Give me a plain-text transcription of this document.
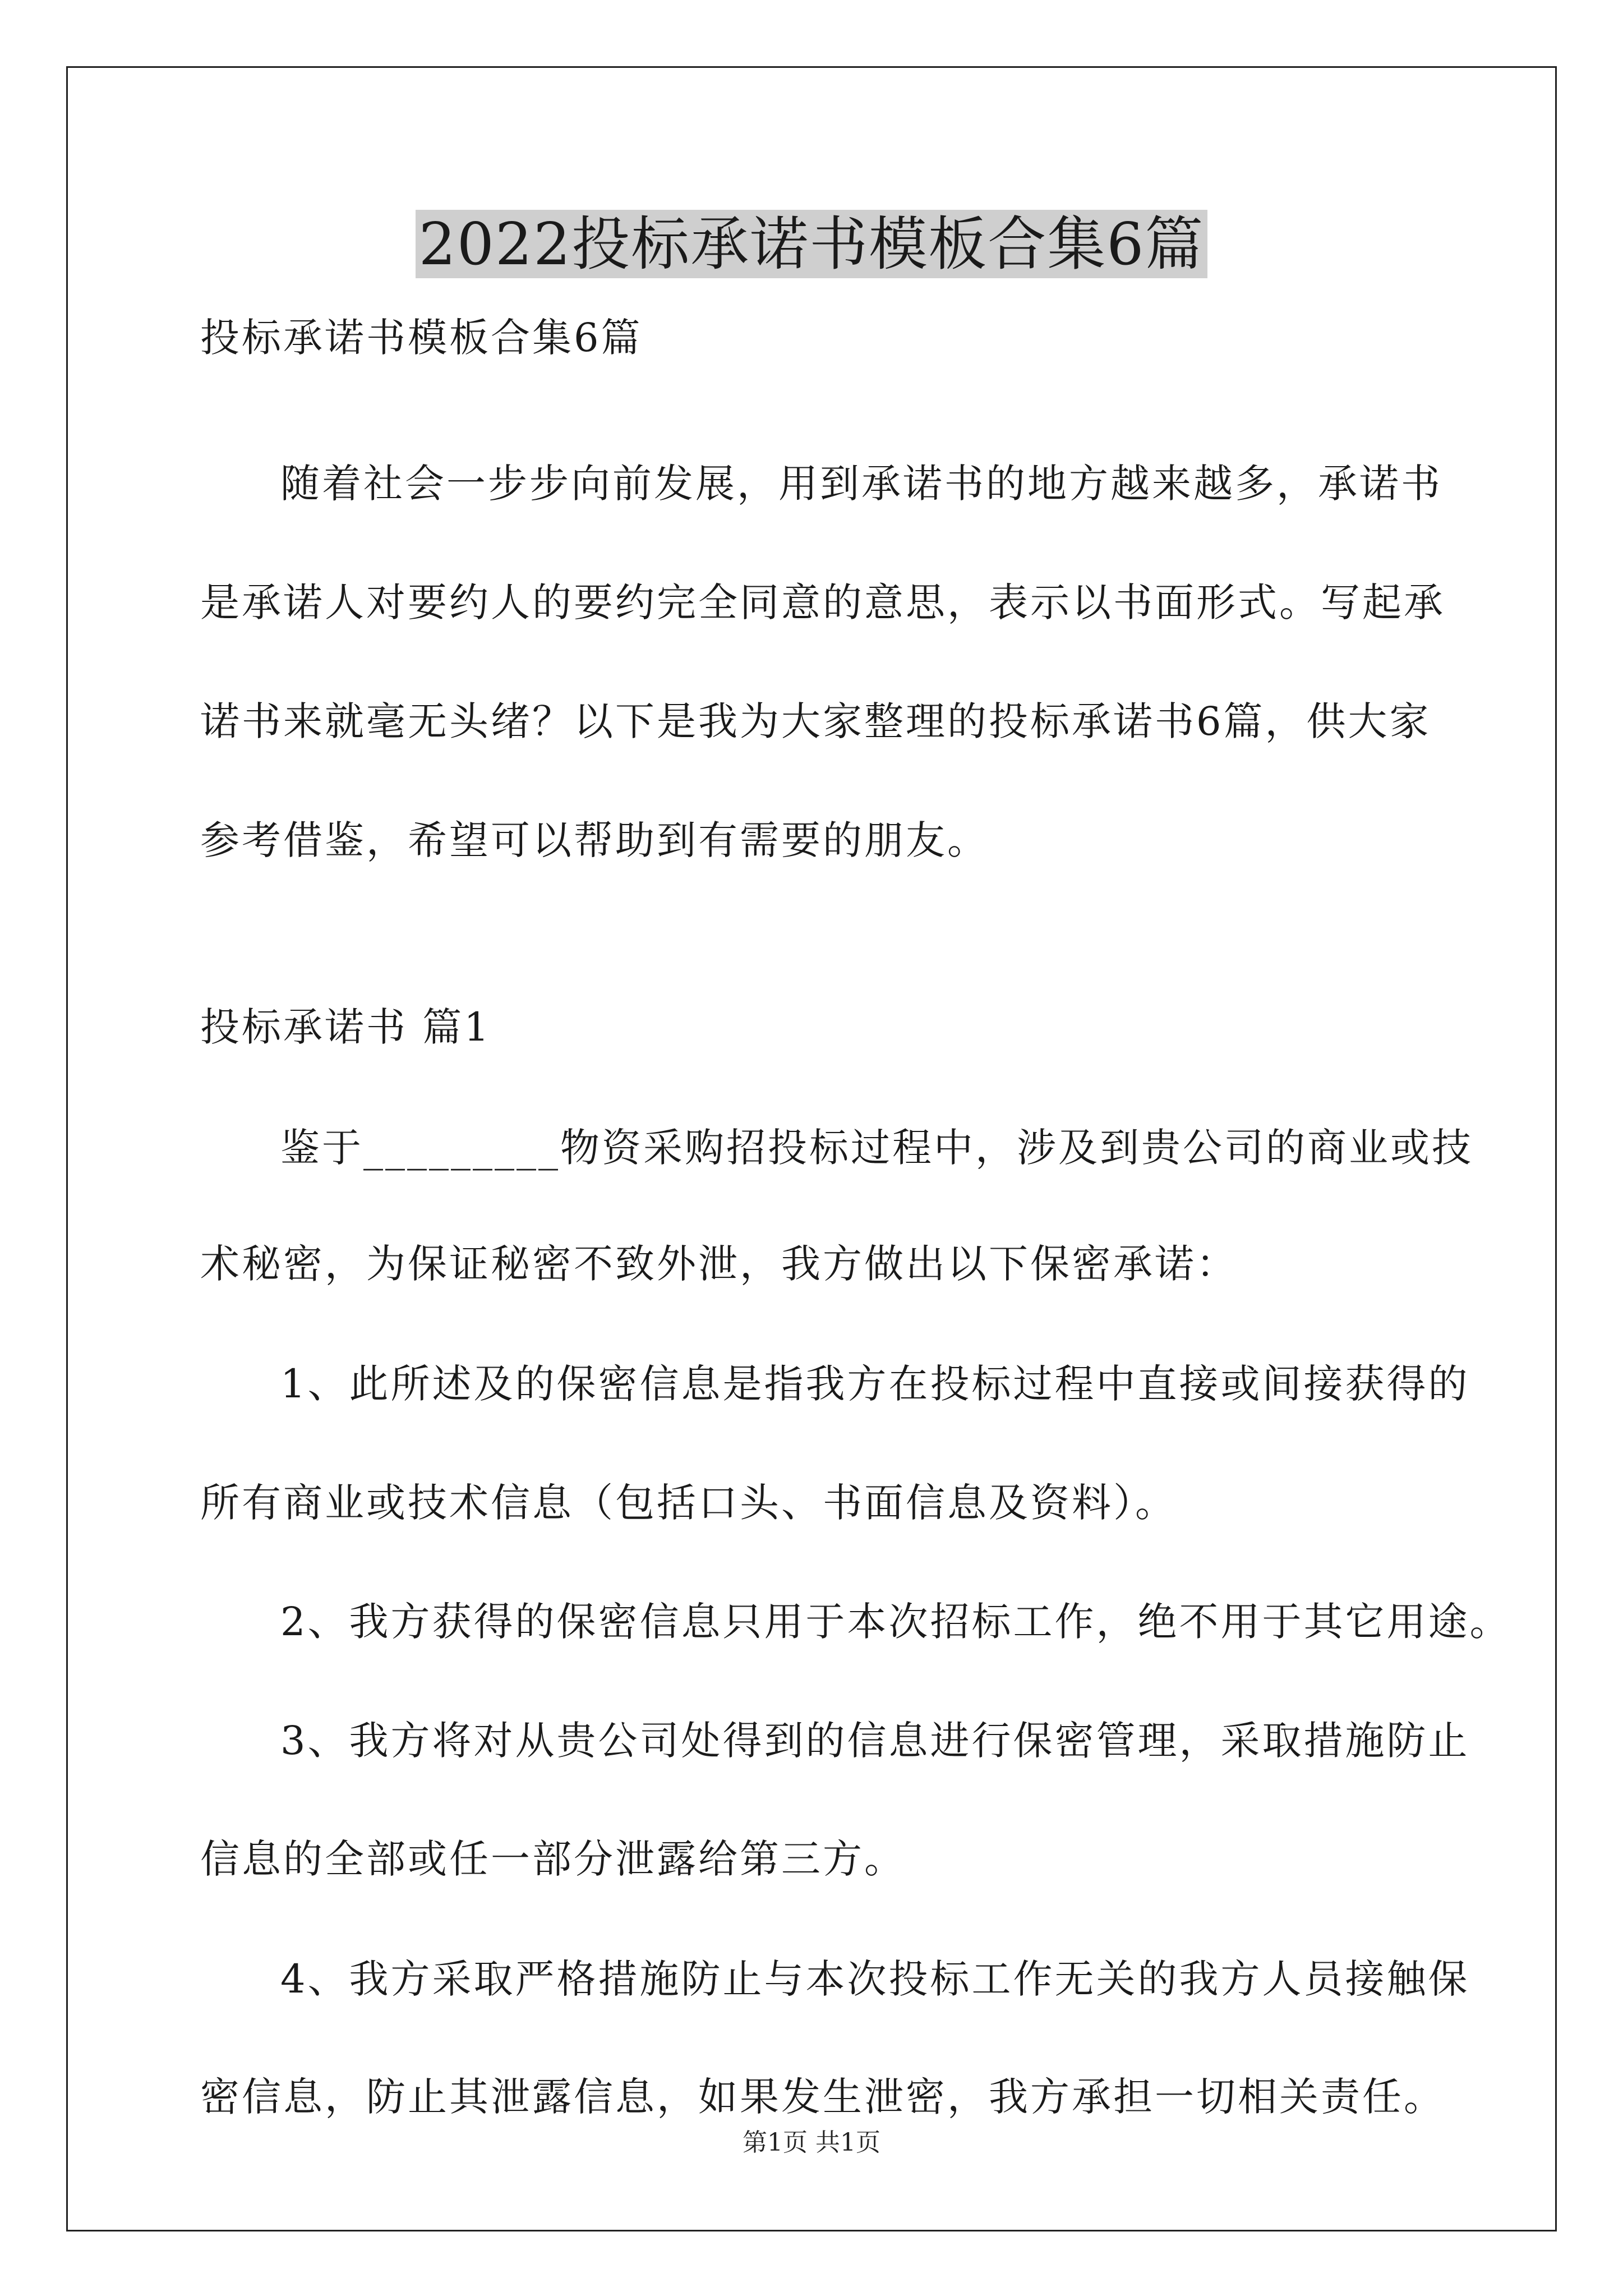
2022投标承诺书模板合集6篇
投标承诺书模板合集6篇
随着社会一步步向前发展，用到承诺书的地方越来越多，承诺书
是承诺人对要约人的要约完全同意的意思，表示以书面形式。写起承
诺书来就毫无头绪？以下是我为大家整理的投标承诺书6篇，供大家
参考借鉴，希望可以帮助到有需要的朋友。
投标承诺书 篇1
鉴于_________物资采购招投标过程中，涉及到贵公司的商业或技
术秘密，为保证秘密不致外泄，我方做出以下保密承诺：
1、此所述及的保密信息是指我方在投标过程中直接或间接获得的
所有商业或技术信息（包括口头、书面信息及资料）。
2、我方获得的保密信息只用于本次招标工作，绝不用于其它用途。
3、我方将对从贵公司处得到的信息进行保密管理，采取措施防止
信息的全部或任一部分泄露给第三方。
4、我方采取严格措施防止与本次投标工作无关的我方人员接触保
密信息，防止其泄露信息，如果发生泄密，我方承担一切相关责任。
第1页 共1页
